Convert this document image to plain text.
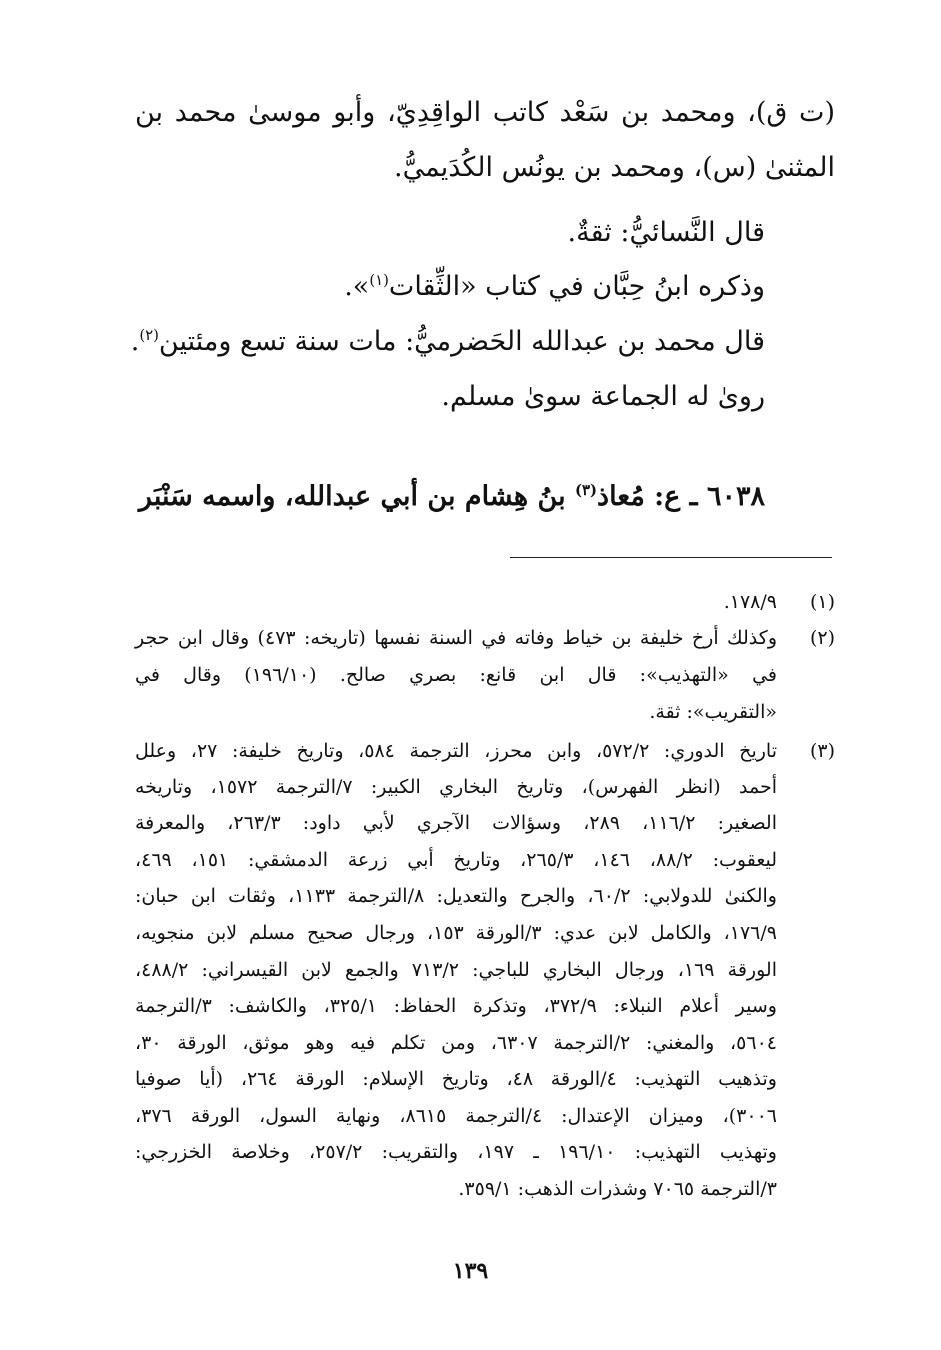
(ت ق)، ومحمد بن سَعْد كاتب الواقِدِيّ، وأبو موسىٰ محمد بن
المثنىٰ (س)، ومحمد بن يونُس الكُدَيميُّ.
قال النَّسائيُّ: ثقةٌ.
وذكره ابنُ حِبَّان في كتاب «الثِّقات$^{(١)}$».
قال محمد بن عبدالله الحَضرميُّ: مات سنة تسع ومئتين$^{(٢)}$.
رویٰ له الجماعة سویٰ مسلم.
٦٠٣٨ ـ ع: مُعاذ$^{(٣)}$ بنُ هِشام بن أبي عبدالله، واسمه سَنْبَر
(١)
١٧٨/٩.
(٢)
وكذلك أرخ خليفة بن خياط وفاته في السنة نفسها (تاريخه: ٤٧٣) وقال ابن حجر
في «التهذيب»: قال ابن قانع: بصري صالح. (١٩٦/١٠) وقال في
«التقريب»: ثقة.
(٣)
تاريخ الدوري: ٥٧٢/٢، وابن محرز، الترجمة ٥٨٤، وتاريخ خليفة: ٢٧، وعلل
أحمد (انظر الفهرس)، وتاريخ البخاري الكبير: ٧/الترجمة ١٥٧٢، وتاريخه
الصغير: ١١٦/٢، ٢٨٩، وسؤالات الآجري لأبي داود: ٢٦٣/٣، والمعرفة
ليعقوب: ٨٨/٢، ١٤٦، ٢٦٥/٣، وتاريخ أبي زرعة الدمشقي: ١٥١، ٤٦٩،
والكنىٰ للدولابي: ٦٠/٢، والجرح والتعديل: ٨/الترجمة ١١٣٣، وثقات ابن حبان:
١٧٦/٩، والكامل لابن عدي: ٣/الورقة ١٥٣، ورجال صحيح مسلم لابن منجويه،
الورقة ١٦٩، ورجال البخاري للباجي: ٧١٣/٢ والجمع لابن القيسراني: ٤٨٨/٢،
وسير أعلام النبلاء: ٣٧٢/٩، وتذكرة الحفاظ: ٣٢٥/١، والكاشف: ٣/الترجمة
٥٦٠٤، والمغني: ٢/الترجمة ٦٣٠٧، ومن تكلم فيه وهو موثق، الورقة ٣٠،
وتذهيب التهذيب: ٤/الورقة ٤٨، وتاريخ الإسلام: الورقة ٢٦٤، (أيا صوفيا
٣٠٠٦)، وميزان الإعتدال: ٤/الترجمة ٨٦١٥، ونهاية السول، الورقة ٣٧٦،
وتهذيب التهذيب: ١٩٦/١٠ ـ ١٩٧، والتقريب: ٢٥٧/٢، وخلاصة الخزرجي:
٣/الترجمة ٧٠٦٥ وشذرات الذهب: ٣٥٩/١.
١٣٩
